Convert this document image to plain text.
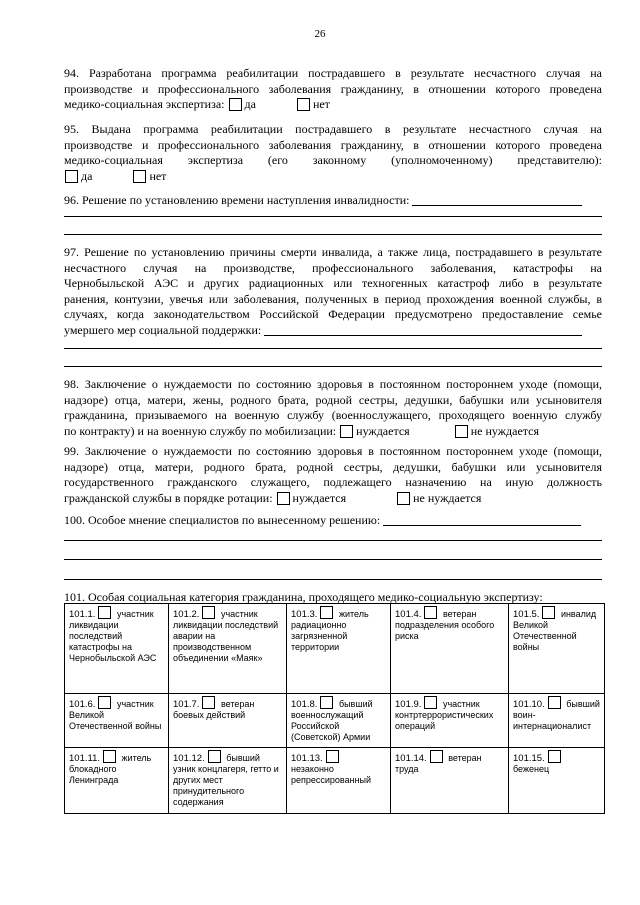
26
94. Разработана программа реабилитации пострадавшего в результате несчастного случая на
производстве и профессионального заболевания гражданину, в отношении которого проведена
медико-социальная экспертиза: да	нет
95. Выдана программа реабилитации пострадавшего в результате несчастного случая на
производстве и профессионального заболевания гражданину, в отношении которого проведена
медико-социальная экспертиза (его законному (уполномоченному) представителю):
да	нет
96. Решение по установлению времени наступления инвалидности:
97. Решение по установлению причины смерти инвалида, а также лица, пострадавшего в результате
несчастного случая на производстве, профессионального заболевания, катастрофы на
Чернобыльской АЭС и других радиационных или техногенных катастроф либо в результате
ранения, контузии, увечья или заболевания, полученных в период прохождения военной службы, в
случаях, когда законодательством Российской Федерации предусмотрено предоставление семье
умершего мер социальной поддержки:
98. Заключение о нуждаемости по состоянию здоровья в постоянном постороннем уходе (помощи,
надзоре) отца, матери, жены, родного брата, родной сестры, дедушки, бабушки или усыновителя
гражданина, призываемого на военную службу (военнослужащего, проходящего военную службу
по контракту) и на военную службу по мобилизации: нуждается	не нуждается
99. Заключение о нуждаемости по состоянию здоровья в постоянном постороннем уходе (помощи,
надзоре) отца, матери, родного брата, родной сестры, дедушки, бабушки или усыновителя
государственного гражданского служащего, подлежащего назначению на иную должность
гражданской службы в порядке ротации: нуждается	не нуждается
100. Особое мнение специалистов по вынесенному решению:
101. Особая социальная категория гражданина, проходящего медико-социальную экспертизу:
101.1. участник ликвидации последствий катастрофы на Чернобыльской АЭС	101.2. участник ликвидации последствий аварии на производственном объединении «Маяк»	101.3. житель радиационно загрязненной территории	101.4. ветеран подразделения особого риска	101.5. инвалид Великой Отечественной войны
101.6. участник Великой Отечественной войны	101.7. ветеран боевых действий	101.8. бывший военнослужащий Российской (Советской) Армии	101.9. участник контртеррористических операций	101.10. бывший воин-интернационалист
101.11. житель блокадного Ленинграда	101.12. бывший узник концлагеря, гетто и других мест принудительного содержания	101.13. незаконно репрессированный	101.14. ветеран труда	101.15. беженец
